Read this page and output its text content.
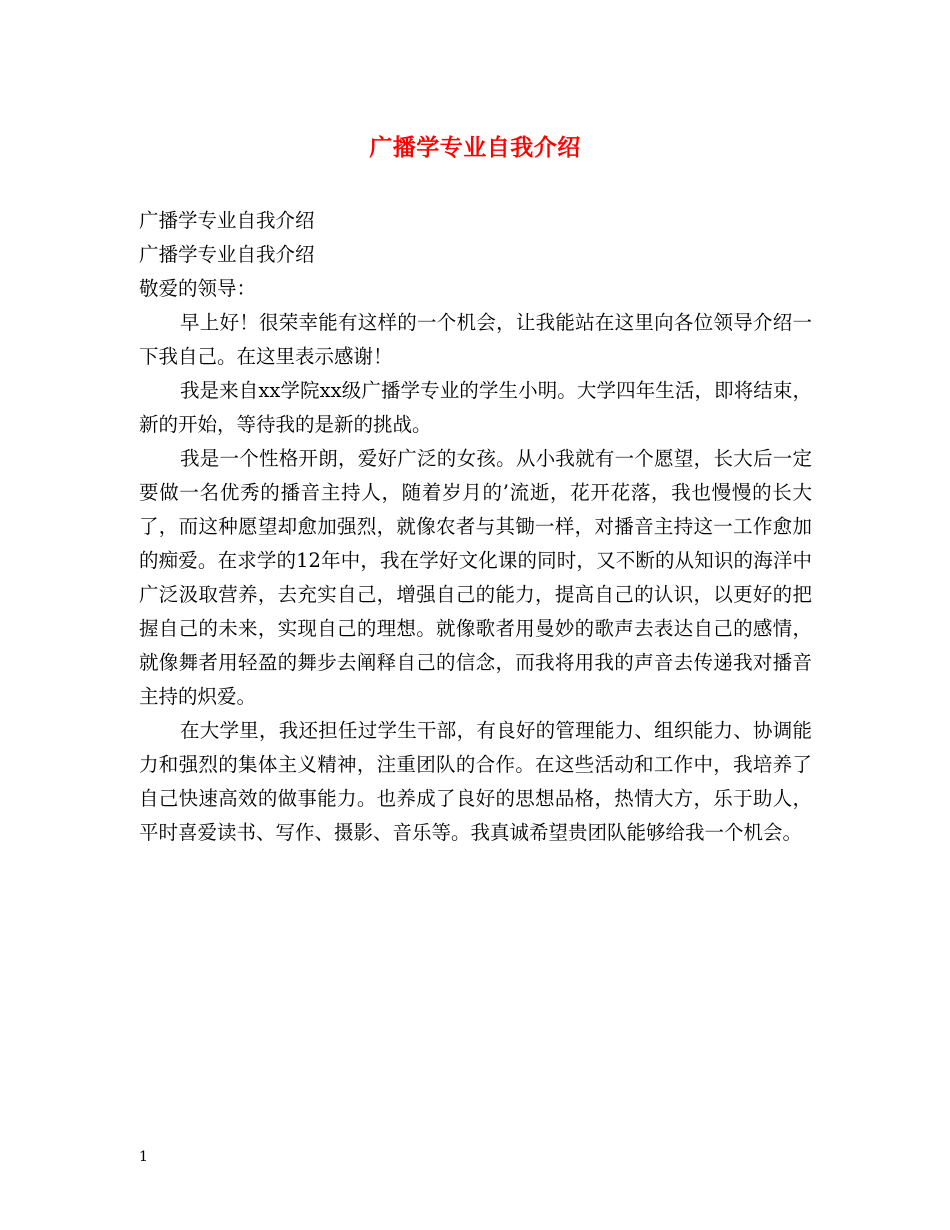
广播学专业自我介绍

广播学专业自我介绍

广播学专业自我介绍

敬爱的领导：

早上好！很荣幸能有这样的一个机会，让我能站在这里向各位领导介绍一下我自己。在这里表示感谢！

我是来自xx学院xx级广播学专业的学生小明。大学四年生活，即将结束，新的开始，等待我的是新的挑战。

我是一个性格开朗，爱好广泛的女孩。从小我就有一个愿望，长大后一定要做一名优秀的播音主持人，随着岁月的’流逝，花开花落，我也慢慢的长大了，而这种愿望却愈加强烈，就像农者与其锄一样，对播音主持这一工作愈加的痴爱。在求学的12年中，我在学好文化课的同时，又不断的从知识的海洋中广泛汲取营养，去充实自己，增强自己的能力，提高自己的认识，以更好的把握自己的未来，实现自己的理想。就像歌者用曼妙的歌声去表达自己的感情，就像舞者用轻盈的舞步去阐释自己的信念，而我将用我的声音去传递我对播音主持的炽爱。

在大学里，我还担任过学生干部，有良好的管理能力、组织能力、协调能力和强烈的集体主义精神，注重团队的合作。在这些活动和工作中，我培养了自己快速高效的做事能力。也养成了良好的思想品格，热情大方，乐于助人，平时喜爱读书、写作、摄影、音乐等。我真诚希望贵团队能够给我一个机会。

1
